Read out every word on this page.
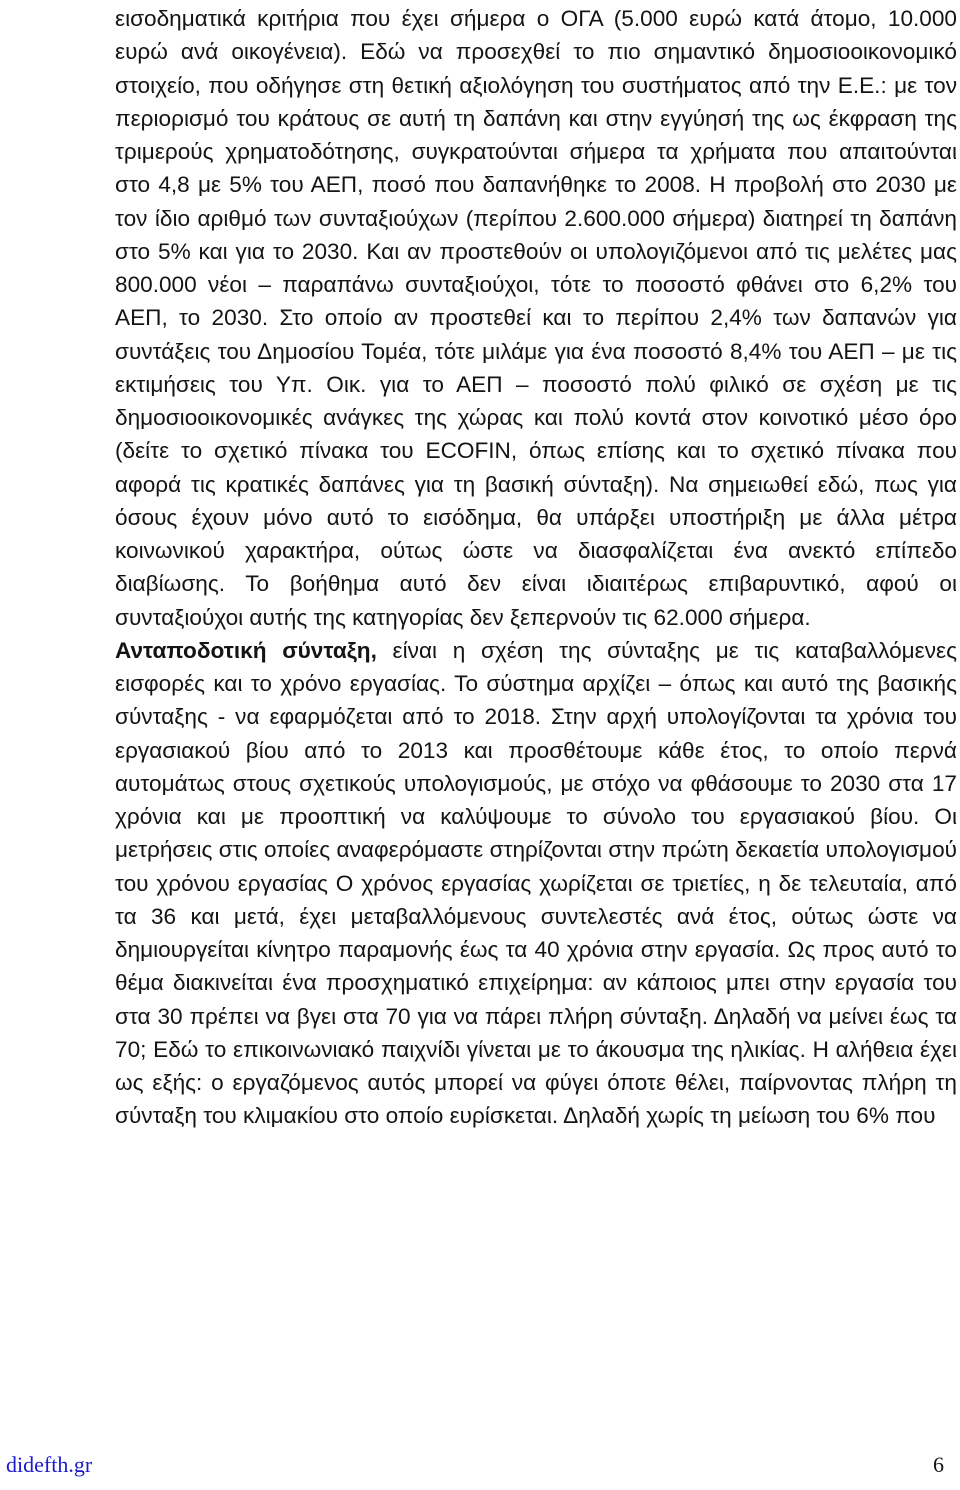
εισοδηματικά κριτήρια που έχει σήμερα ο ΟΓΑ (5.000 ευρώ κατά άτομο, 10.000 ευρώ ανά οικογένεια). Εδώ να προσεχθεί το πιο σημαντικό δημοσιοοικονομικό στοιχείο, που οδήγησε στη θετική αξιολόγηση του συστήματος από την Ε.Ε.: με τον περιορισμό του κράτους σε αυτή τη δαπάνη και στην εγγύησή της ως έκφραση της τριμερούς χρηματοδότησης, συγκρατούνται σήμερα τα χρήματα που απαιτούνται στο 4,8 με 5% του ΑΕΠ, ποσό που δαπανήθηκε το 2008. Η προβολή στο 2030 με τον ίδιο αριθμό των συνταξιούχων (περίπου 2.600.000 σήμερα) διατηρεί τη δαπάνη στο 5% και για το 2030. Και αν προστεθούν οι υπολογιζόμενοι από τις μελέτες μας 800.000 νέοι – παραπάνω συνταξιούχοι, τότε το ποσοστό φθάνει στο 6,2% του ΑΕΠ, το 2030. Στο οποίο αν προστεθεί και το περίπου 2,4% των δαπανών για συντάξεις του Δημοσίου Τομέα, τότε μιλάμε για ένα ποσοστό 8,4% του ΑΕΠ – με τις εκτιμήσεις του Υπ. Οικ. για το ΑΕΠ – ποσοστό πολύ φιλικό σε σχέση με τις δημοσιοοικονομικές ανάγκες της χώρας και πολύ κοντά στον κοινοτικό μέσο όρο (δείτε το σχετικό πίνακα του ECOFIN, όπως επίσης και το σχετικό πίνακα που αφορά τις κρατικές δαπάνες για τη βασική σύνταξη). Να σημειωθεί εδώ, πως για όσους έχουν μόνο αυτό το εισόδημα, θα υπάρξει υποστήριξη με άλλα μέτρα κοινωνικού χαρακτήρα, ούτως ώστε να διασφαλίζεται ένα ανεκτό επίπεδο διαβίωσης. Το βοήθημα αυτό δεν είναι ιδιαιτέρως επιβαρυντικό, αφού οι συνταξιούχοι αυτής της κατηγορίας δεν ξεπερνούν τις 62.000 σήμερα.

Ανταποδοτική σύνταξη, είναι η σχέση της σύνταξης με τις καταβαλλόμενες εισφορές και το χρόνο εργασίας. Το σύστημα αρχίζει – όπως και αυτό της βασικής σύνταξης - να εφαρμόζεται από το 2018. Στην αρχή υπολογίζονται τα χρόνια του εργασιακού βίου από το 2013 και προσθέτουμε κάθε έτος, το οποίο περνά αυτομάτως στους σχετικούς υπολογισμούς, με στόχο να φθάσουμε το 2030 στα 17 χρόνια και με προοπτική να καλύψουμε το σύνολο του εργασιακού βίου. Οι μετρήσεις στις οποίες αναφερόμαστε στηρίζονται στην πρώτη δεκαετία υπολογισμού του χρόνου εργασίας Ο χρόνος εργασίας χωρίζεται σε τριετίες, η δε τελευταία, από τα 36 και μετά, έχει μεταβαλλόμενους συντελεστές ανά έτος, ούτως ώστε να δημιουργείται κίνητρο παραμονής έως τα 40 χρόνια στην εργασία. Ως προς αυτό το θέμα διακινείται ένα προσχηματικό επιχείρημα: αν κάποιος μπει στην εργασία του στα 30 πρέπει να βγει στα 70 για να πάρει πλήρη σύνταξη. Δηλαδή να μείνει έως τα 70; Εδώ το επικοινωνιακό παιχνίδι γίνεται με το άκουσμα της ηλικίας. Η αλήθεια έχει ως εξής: ο εργαζόμενος αυτός μπορεί να φύγει όποτε θέλει, παίρνοντας πλήρη τη σύνταξη του κλιμακίου στο οποίο ευρίσκεται. Δηλαδή χωρίς τη μείωση του 6% που

didefth.gr	6
